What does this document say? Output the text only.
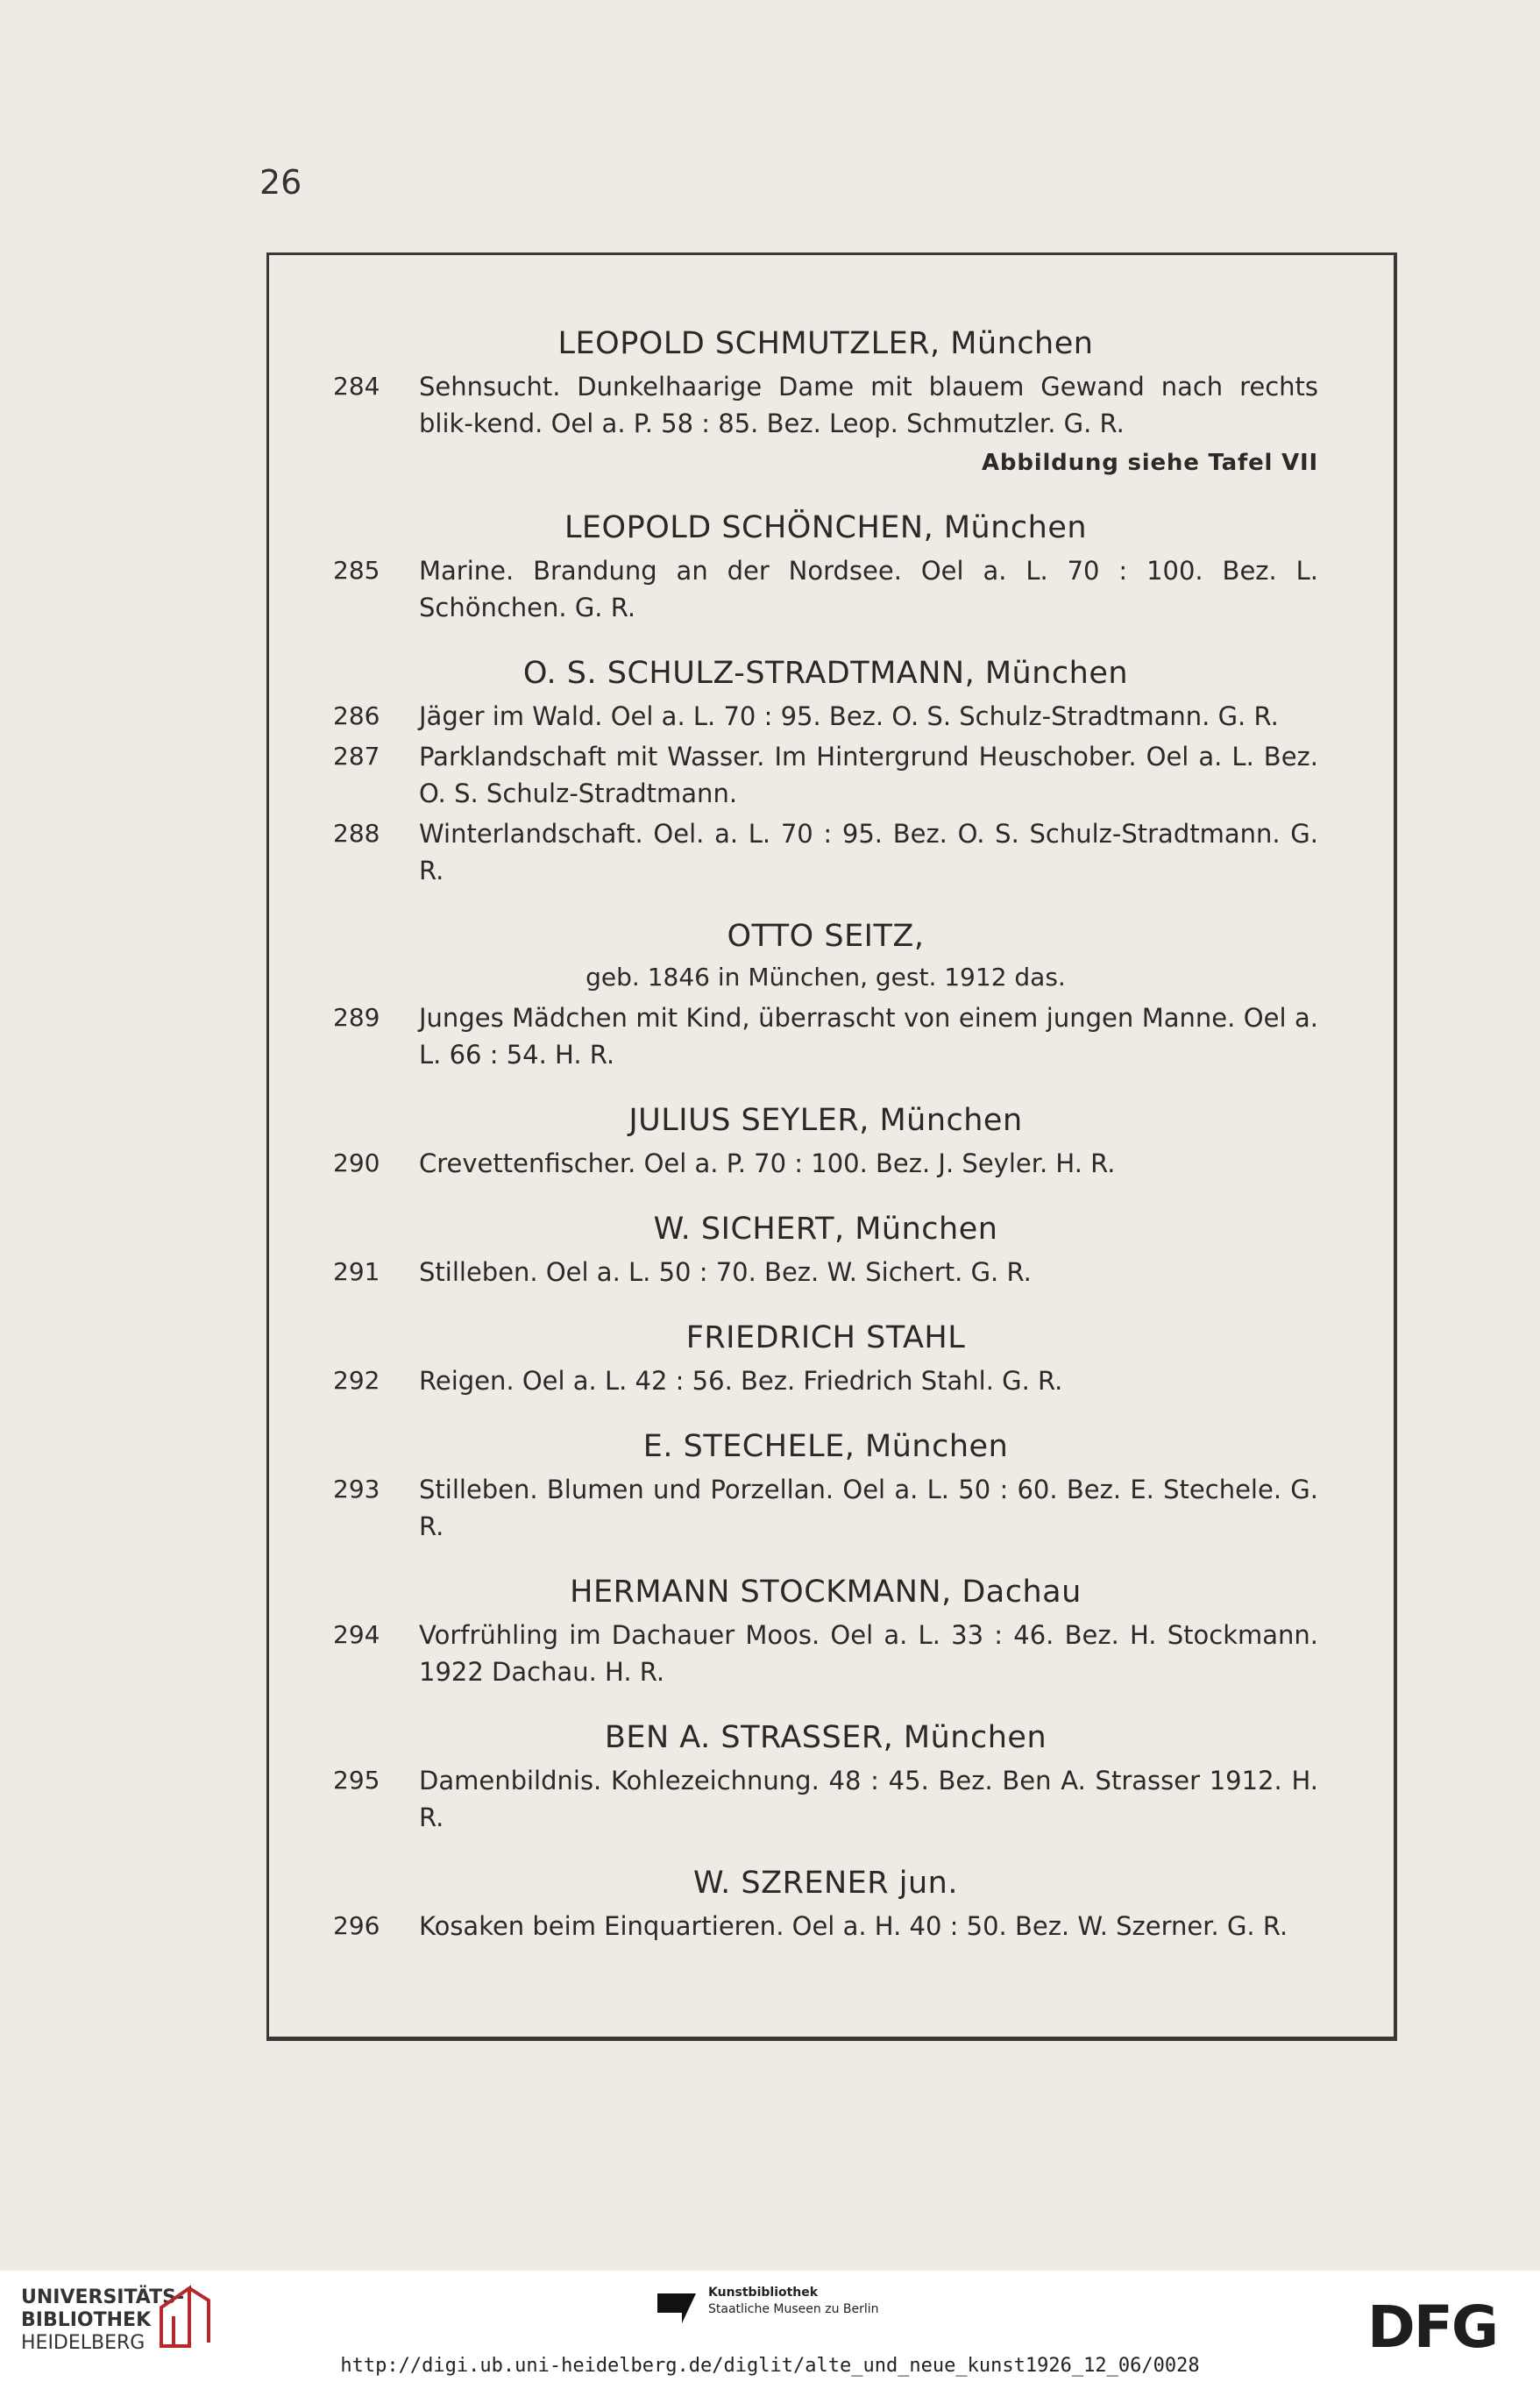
26
LEOPOLD SCHMUTZLER, München
284	Sehnsucht. Dunkelhaarige Dame mit blauem Gewand nach rechts blik-kend. Oel a. P. 58 : 85. Bez. Leop. Schmutzler. G. R.
Abbildung siehe Tafel VII
LEOPOLD SCHÖNCHEN, München
285	Marine. Brandung an der Nordsee. Oel a. L. 70 : 100. Bez. L. Schönchen. G. R.
O. S. SCHULZ-STRADTMANN, München
286	Jäger im Wald. Oel a. L. 70 : 95. Bez. O. S. Schulz-Stradtmann. G. R.
287	Parklandschaft mit Wasser. Im Hintergrund Heuschober. Oel a. L. Bez. O. S. Schulz-Stradtmann.
288	Winterlandschaft. Oel. a. L. 70 : 95. Bez. O. S. Schulz-Stradtmann. G. R.
OTTO SEITZ,
geb. 1846 in München, gest. 1912 das.
289	Junges Mädchen mit Kind, überrascht von einem jungen Manne. Oel a. L. 66 : 54. H. R.
JULIUS SEYLER, München
290	Crevettenfischer. Oel a. P. 70 : 100. Bez. J. Seyler. H. R.
W. SICHERT, München
291	Stilleben. Oel a. L. 50 : 70. Bez. W. Sichert. G. R.
FRIEDRICH STAHL
292	Reigen. Oel a. L. 42 : 56. Bez. Friedrich Stahl. G. R.
E. STECHELE, München
293	Stilleben. Blumen und Porzellan. Oel a. L. 50 : 60. Bez. E. Stechele. G. R.
HERMANN STOCKMANN, Dachau
294	Vorfrühling im Dachauer Moos. Oel a. L. 33 : 46. Bez. H. Stockmann. 1922 Dachau. H. R.
BEN A. STRASSER, München
295	Damenbildnis. Kohlezeichnung. 48 : 45. Bez. Ben A. Strasser 1912. H. R.
W. SZRENER jun.
296	Kosaken beim Einquartieren. Oel a. H. 40 : 50. Bez. W. Szerner. G. R.
UNIVERSITÄTS-
BIBLIOTHEK
HEIDELBERG
Kunstbibliothek
Staatliche Museen zu Berlin	DFG
http://digi.ub.uni-heidelberg.de/diglit/alte_und_neue_kunst1926_12_06/0028
